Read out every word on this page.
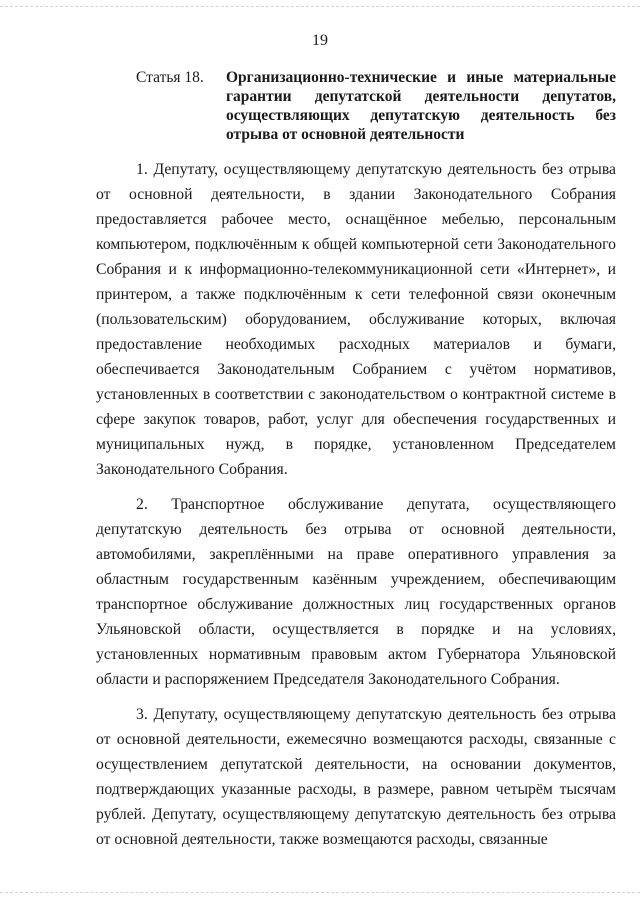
19
Статья 18.	Организационно-технические и иные материальные гарантии депутатской деятельности депутатов, осуществляющих депутатскую деятельность без отрыва от основной деятельности

1. Депутату, осуществляющему депутатскую деятельность без отрыва от основной деятельности, в здании Законодательного Собрания предоставляется рабочее место, оснащённое мебелью, персональным компьютером, подключённым к общей компьютерной сети Законодательного Собрания и к информационно-телекоммуникационной сети «Интернет», и принтером, а также подключённым к сети телефонной связи оконечным (пользовательским) оборудованием, обслуживание которых, включая предоставление необходимых расходных материалов и бумаги, обеспечивается Законодательным Собранием с учётом нормативов, установленных в соответствии с законодательством о контрактной системе в сфере закупок товаров, работ, услуг для обеспечения государственных и муниципальных нужд, в порядке, установленном Председателем Законодательного Собрания.

2. Транспортное обслуживание депутата, осуществляющего депутатскую деятельность без отрыва от основной деятельности, автомобилями, закреплёнными на праве оперативного управления за областным государственным казённым учреждением, обеспечивающим транспортное обслуживание должностных лиц государственных органов Ульяновской области, осуществляется в порядке и на условиях, установленных нормативным правовым актом Губернатора Ульяновской области и распоряжением Председателя Законодательного Собрания.

3. Депутату, осуществляющему депутатскую деятельность без отрыва от основной деятельности, ежемесячно возмещаются расходы, связанные с осуществлением депутатской деятельности, на основании документов, подтверждающих указанные расходы, в размере, равном четырём тысячам рублей. Депутату, осуществляющему депутатскую деятельность без отрыва от основной деятельности, также возмещаются расходы, связанные
